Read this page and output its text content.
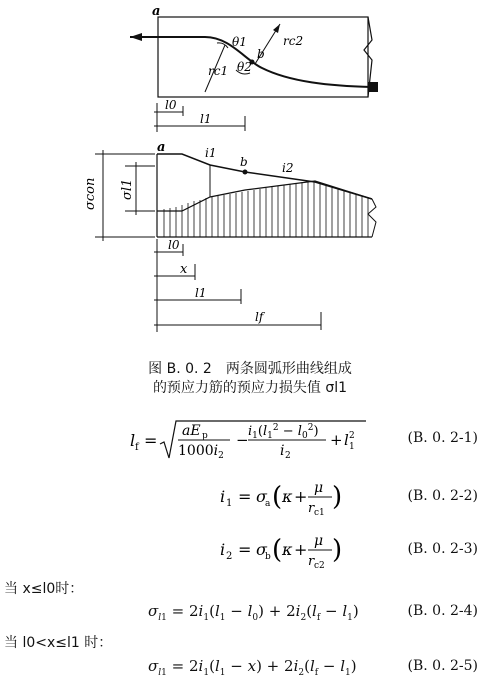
a
θ1
b
rc2
θ2
rc1
l0
l1
a	i1
b	i2
σcon σl1
l0
x
l1
lf
图 B. 0. 2　两条圆弧形曲线组成
的预应力筋的预应力损失值 σl1
l f = aE p
$1000i_2$
− $i_1(l_1^2 - l_0^2)$
i 2
+ l 1
2	(B. 0. 2-1)
i 1 = σ
a ( κ + μ
r c1
)	(B. 0. 2-2)
i 2 = σ
b ( κ + μ
r c2
)	(B. 0. 2-3)
当 x≤l0时：
$\sigma_{l1} = 2i_1(l_1 - l_0) + 2i_2(l_f - l_1)$	(B. 0. 2-4)
当 l0<x≤l1 时：
$\sigma_{l1} = 2i_1(l_1 - x) + 2i_2(l_f - l_1)$	(B. 0. 2-5)
